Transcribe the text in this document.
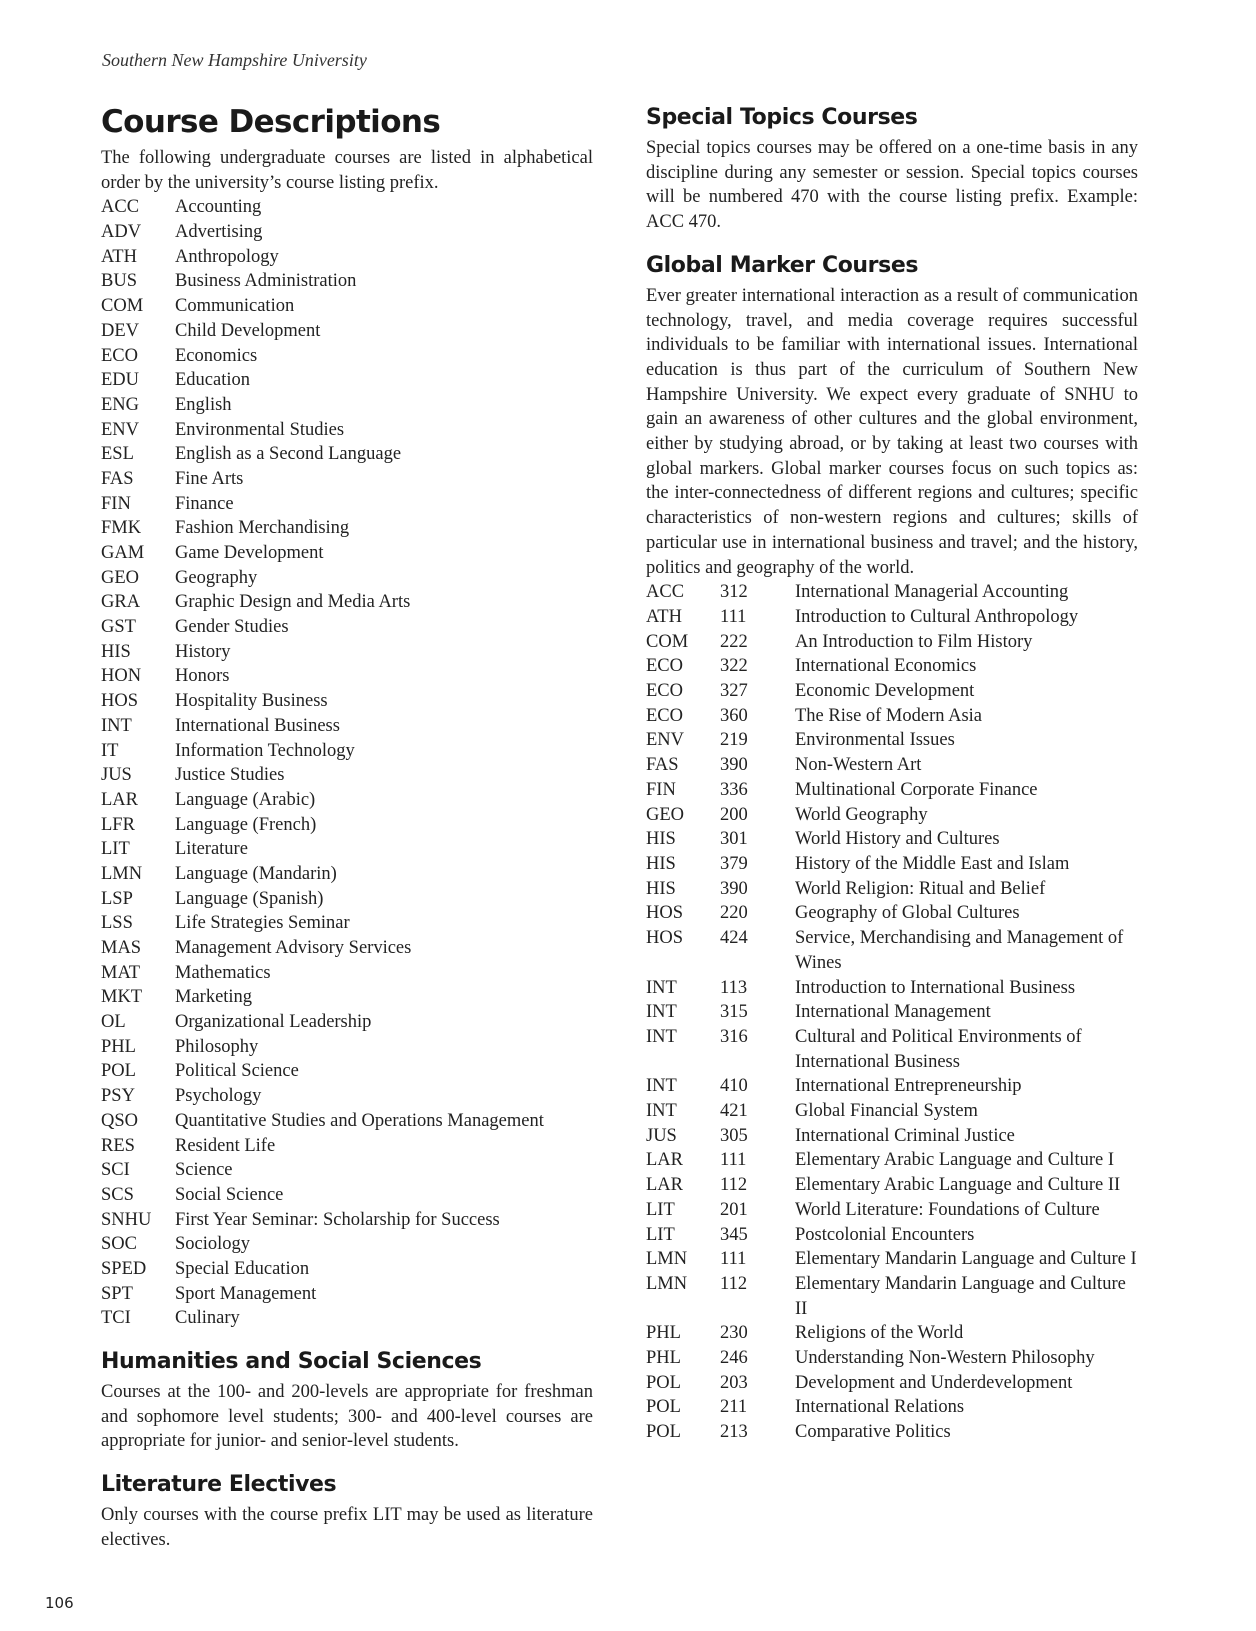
Southern New Hampshire University
Course Descriptions

The following undergraduate courses are listed in alphabetical order by the university’s course listing prefix.

ACC	Accounting
ADV	Advertising
ATH	Anthropology
BUS	Business Administration
COM	Communication
DEV	Child Development
ECO	Economics
EDU	Education
ENG	English
ENV	Environmental Studies
ESL	English as a Second Language
FAS	Fine Arts
FIN	Finance
FMK	Fashion Merchandising
GAM	Game Development
GEO	Geography
GRA	Graphic Design and Media Arts
GST	Gender Studies
HIS	History
HON	Honors
HOS	Hospitality Business
INT	International Business
IT	Information Technology
JUS	Justice Studies
LAR	Language (Arabic)
LFR	Language (French)
LIT	Literature
LMN	Language (Mandarin)
LSP	Language (Spanish)
LSS	Life Strategies Seminar
MAS	Management Advisory Services
MAT	Mathematics
MKT	Marketing
OL	Organizational Leadership
PHL	Philosophy
POL	Political Science
PSY	Psychology
QSO	Quantitative Studies and Operations Management
RES	Resident Life
SCI	Science
SCS	Social Science
SNHU	First Year Seminar: Scholarship for Success
SOC	Sociology
SPED	Special Education
SPT	Sport Management
TCI	Culinary
Humanities and Social Sciences

Courses at the 100- and 200-levels are appropriate for freshman and sophomore level students; 300- and 400-level courses are appropriate for junior- and senior-level students.

Literature Electives

Only courses with the course prefix LIT may be used as literature electives.

Special Topics Courses

Special topics courses may be offered on a one-time basis in any discipline during any semester or session. Special topics courses will be numbered 470 with the course listing prefix. Example: ACC 470.

Global Marker Courses

Ever greater international interaction as a result of communication technology, travel, and media coverage requires successful individuals to be familiar with international issues. International education is thus part of the curriculum of Southern New Hampshire University. We expect every graduate of SNHU to gain an awareness of other cultures and the global environment, either by studying abroad, or by taking at least two courses with global markers. Global marker courses focus on such topics as: the inter-connectedness of different regions and cultures; specific characteristics of non-western regions and cultures; skills of particular use in international business and travel; and the history, politics and geography of the world.

ACC	312	International Managerial Accounting
ATH	111	Introduction to Cultural Anthropology
COM	222	An Introduction to Film History
ECO	322	International Economics
ECO	327	Economic Development
ECO	360	The Rise of Modern Asia
ENV	219	Environmental Issues
FAS	390	Non-Western Art
FIN	336	Multinational Corporate Finance
GEO	200	World Geography
HIS	301	World History and Cultures
HIS	379	History of the Middle East and Islam
HIS	390	World Religion: Ritual and Belief
HOS	220	Geography of Global Cultures
HOS	424	Service, Merchandising and Management of Wines
INT	113	Introduction to International Business
INT	315	International Management
INT	316	Cultural and Political Environments of International Business
INT	410	International Entrepreneurship
INT	421	Global Financial System
JUS	305	International Criminal Justice
LAR	111	Elementary Arabic Language and Culture I
LAR	112	Elementary Arabic Language and Culture II
LIT	201	World Literature: Foundations of Culture
LIT	345	Postcolonial Encounters
LMN	111	Elementary Mandarin Language and Culture I
LMN	112	Elementary Mandarin Language and Culture II
PHL	230	Religions of the World
PHL	246	Understanding Non-Western Philosophy
POL	203	Development and Underdevelopment
POL	211	International Relations
POL	213	Comparative Politics
106
